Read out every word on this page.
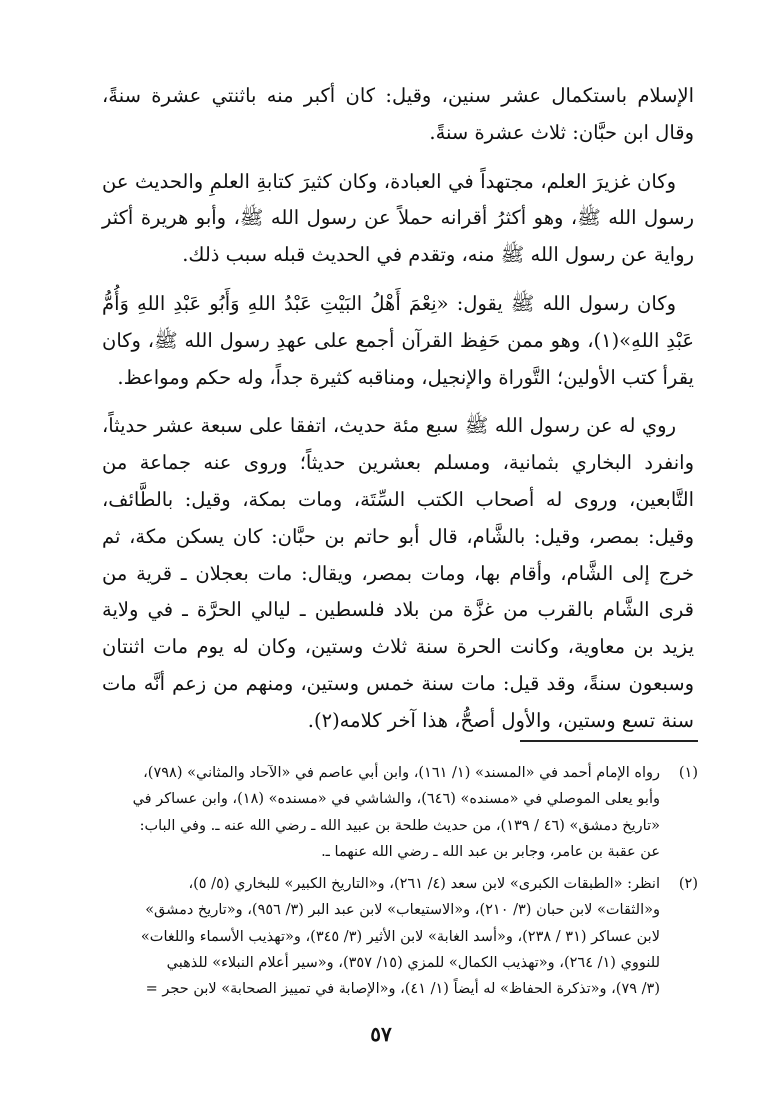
الإسلام باستكمال عشر سنين، وقيل: كان أكبر منه باثنتي عشرة سنةً، وقال ابن حبَّان: ثلاث عشرة سنةً.

وكان غزيرَ العلم، مجتهداً في العبادة، وكان كثيرَ كتابةِ العلمِ والحديث عن رسول الله ﷺ، وهو أكثرُ أقرانه حملاً عن رسول الله ﷺ، وأبو هريرة أكثر رواية عن رسول الله ﷺ منه، وتقدم في الحديث قبله سبب ذلك.

وكان رسول الله ﷺ يقول: «نِعْمَ أَهْلُ البَيْتِ عَبْدُ اللهِ وَأَبُو عَبْدِ اللهِ وَأُمُّ عَبْدِ اللهِ»(١)، وهو ممن حَفِظ القرآن أجمع على عهدِ رسول الله ﷺ، وكان يقرأ كتب الأولين؛ التَّوراة والإنجيل، ومناقبه كثيرة جداً، وله حكم ومواعظ.

روي له عن رسول الله ﷺ سبع مئة حديث، اتفقا على سبعة عشر حديثاً، وانفرد البخاري بثمانية، ومسلم بعشرين حديثاً؛ وروى عنه جماعة من التَّابعين، وروى له أصحاب الكتب السِّتَة، ومات بمكة، وقيل: بالطَّائف، وقيل: بمصر، وقيل: بالشَّام، قال أبو حاتم بن حبَّان: كان يسكن مكة، ثم خرج إلى الشَّام، وأقام بها، ومات بمصر، ويقال: مات بعجلان ـ قرية من قرى الشَّام بالقرب من غزَّة من بلاد فلسطين ـ ليالي الحرَّة ـ في ولاية يزيد بن معاوية، وكانت الحرة سنة ثلاث وستين، وكان له يوم مات اثنتان وسبعون سنةً، وقد قيل: مات سنة خمس وستين، ومنهم من زعم أنَّه مات سنة تسع وستين، والأول أصحُّ، هذا آخر كلامه(٢).

(١)
رواه الإمام أحمد في «المسند» (١/ ١٦١)، وابن أبي عاصم في «الآحاد والمثاني» (٧٩٨)،
وأبو يعلى الموصلي في «مسنده» (٦٤٦)، والشاشي في «مسنده» (١٨)، وابن عساكر في
«تاريخ دمشق» (٤٦ / ١٣٩)، من حديث طلحة بن عبيد الله ـ رضي الله عنه ـ. وفي الباب:
عن عقبة بن عامر، وجابر بن عبد الله ـ رضي الله عنهما ـ.
(٢)
انظر: «الطبقات الكبرى» لابن سعد (٤/ ٢٦١)، و«التاريخ الكبير» للبخاري (٥/ ٥)،
و«الثقات» لابن حبان (٣/ ٢١٠)، و«الاستيعاب» لابن عبد البر (٣/ ٩٥٦)، و«تاريخ دمشق»
لابن عساكر (٣١ / ٢٣٨)، و«أسد الغابة» لابن الأثير (٣/ ٣٤٥)، و«تهذيب الأسماء واللغات»
للنووي (١/ ٢٦٤)، و«تهذيب الكمال» للمزي (١٥/ ٣٥٧)، و«سير أعلام النبلاء» للذهبي
(٣/ ٧٩)، و«تذكرة الحفاظ» له أيضاً (١/ ٤١)، و«الإصابة في تمييز الصحابة» لابن حجر =
٥٧
